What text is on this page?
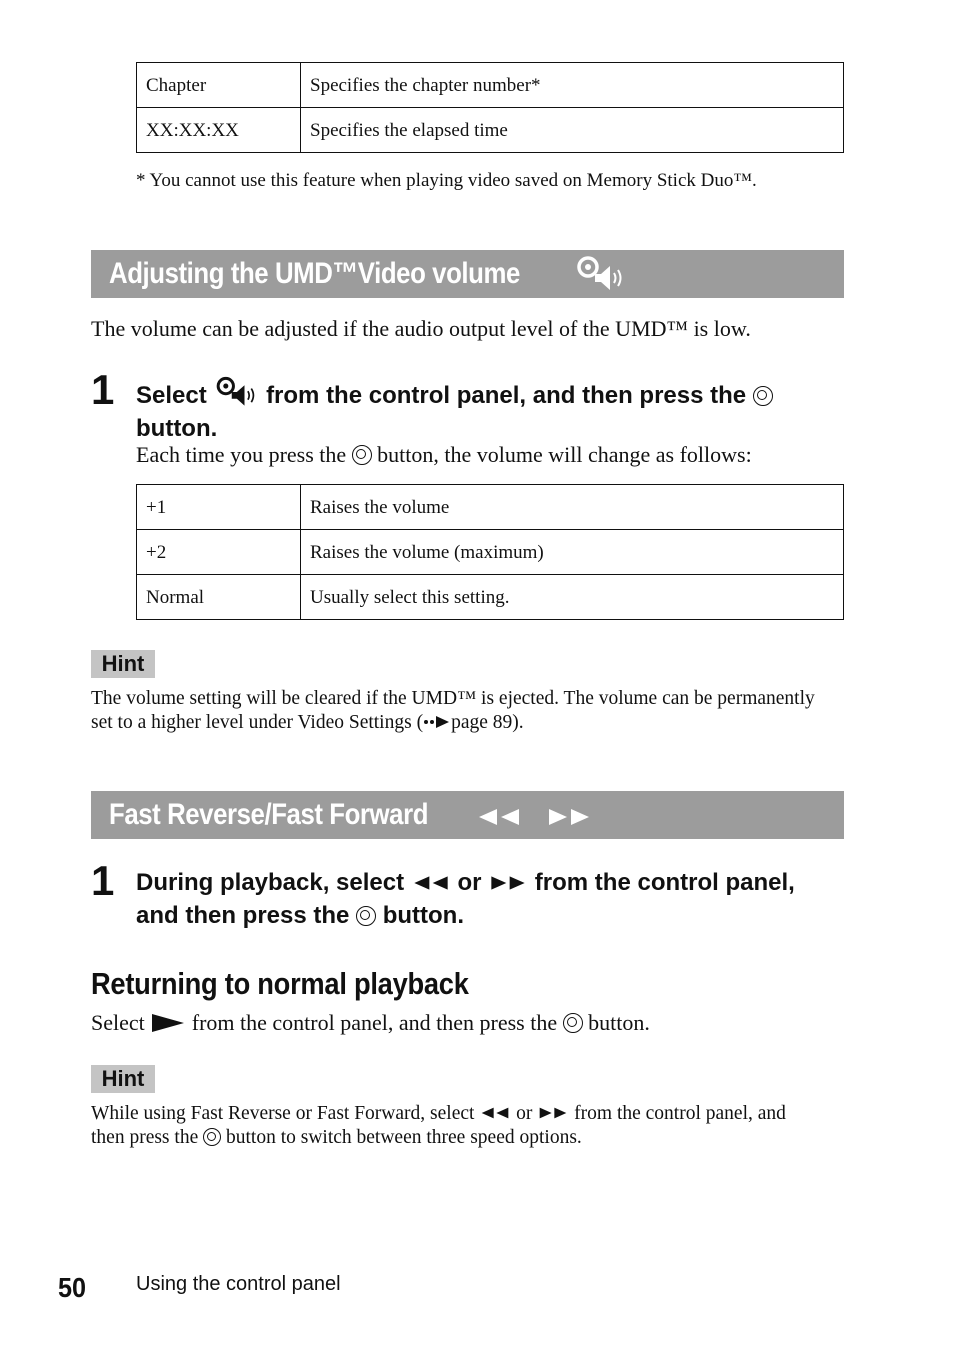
Chapter	Specifies the chapter number*
XX:XX:XX	Specifies the elapsed time
* You cannot use this feature when playing video saved on Memory Stick Duo™.
Adjusting the UMD™Video volume
The volume can be adjusted if the audio output level of the UMD™ is low.
1 Select from the control panel, and then press the
button.
Each time you press the button, the volume will change as follows:
+1	Raises the volume
+2	Raises the volume (maximum)
Normal	Usually select this setting.
Hint
The volume setting will be cleared if the UMD™ is ejected. The volume can be permanently
set to a higher level under Video Settings ( page 89).
Fast Reverse/Fast Forward
1 During playback, select or from the control panel,
and then press the button.
Returning to normal playback
Select from the control panel, and then press the button.
Hint
While using Fast Reverse or Fast Forward, select or from the control panel, and
then press the button to switch between three speed options.
50 Using the control panel
